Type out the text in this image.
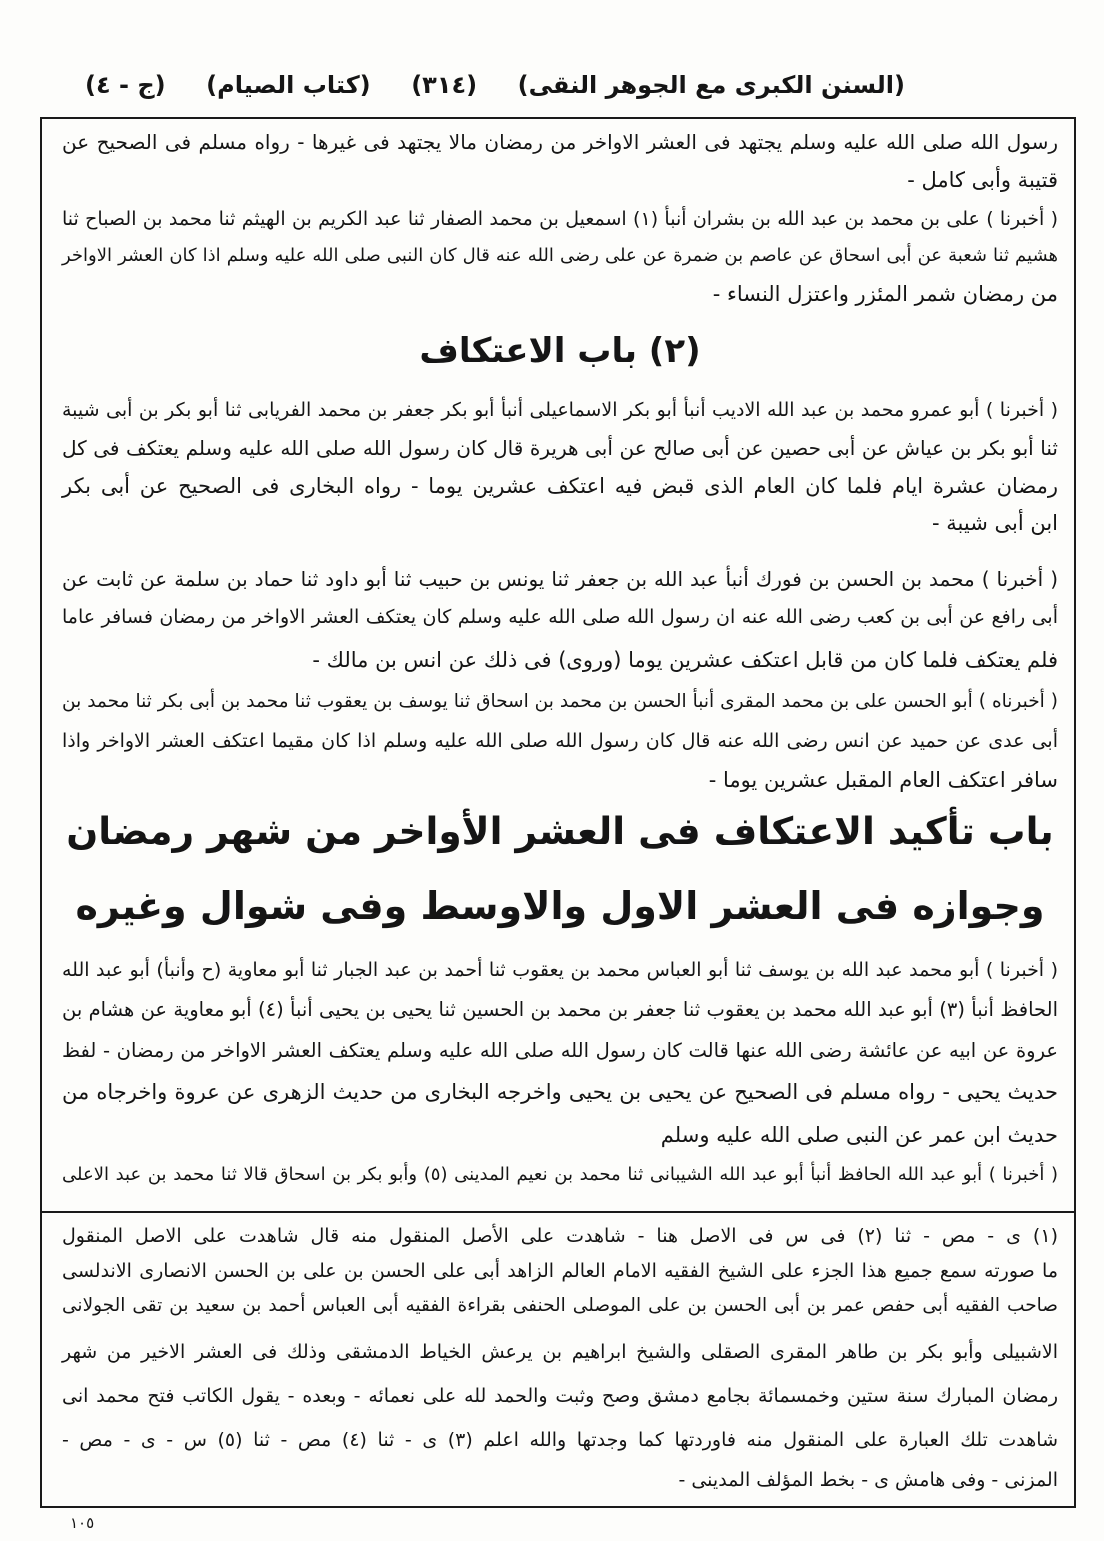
(السنن الكبرى مع الجوهر النقى)
(٣١٤)
(كتاب الصيام)
(ج - ٤)
رسول الله صلى الله عليه وسلم يجتهد فى العشر الاواخر من رمضان مالا يجتهد فى غيرها - رواه مسلم فى الصحيح عن
قتيبة وأبى كامل -
( أخبرنا ) على بن محمد بن عبد الله بن بشران أنبأ (١) اسمعيل بن محمد الصفار ثنا عبد الكريم بن الهيثم ثنا محمد بن الصباح ثنا
هشيم ثنا شعبة عن أبى اسحاق عن عاصم بن ضمرة عن على رضى الله عنه قال كان النبى صلى الله عليه وسلم اذا كان العشر الاواخر
من رمضان شمر المئزر واعتزل النساء -
(٢) باب الاعتكاف
( أخبرنا ) أبو عمرو محمد بن عبد الله الاديب أنبأ أبو بكر الاسماعيلى أنبأ أبو بكر جعفر بن محمد الفريابى ثنا أبو بكر بن أبى شيبة
ثنا أبو بكر بن عياش عن أبى حصين عن أبى صالح عن أبى هريرة قال كان رسول الله صلى الله عليه وسلم يعتكف فى كل
رمضان عشرة ايام فلما كان العام الذى قبض فيه اعتكف عشرين يوما - رواه البخارى فى الصحيح عن أبى بكر
ابن أبى شيبة -
( أخبرنا ) محمد بن الحسن بن فورك أنبأ عبد الله بن جعفر ثنا يونس بن حبيب ثنا أبو داود ثنا حماد بن سلمة عن ثابت عن
أبى رافع عن أبى بن كعب رضى الله عنه ان رسول الله صلى الله عليه وسلم كان يعتكف العشر الاواخر من رمضان فسافر عاما
فلم يعتكف فلما كان من قابل اعتكف عشرين يوما (وروى) فى ذلك عن انس بن مالك -
( أخبرناه ) أبو الحسن على بن محمد المقرى أنبأ الحسن بن محمد بن اسحاق ثنا يوسف بن يعقوب ثنا محمد بن أبى بكر ثنا محمد بن
أبى عدى عن حميد عن انس رضى الله عنه قال كان رسول الله صلى الله عليه وسلم اذا كان مقيما اعتكف العشر الاواخر واذا
سافر اعتكف العام المقبل عشرين يوما -
باب تأكيد الاعتكاف فى العشر الأواخر من شهر رمضان
وجوازه فى العشر الاول والاوسط وفى شوال وغيره
( أخبرنا ) أبو محمد عبد الله بن يوسف ثنا أبو العباس محمد بن يعقوب ثنا أحمد بن عبد الجبار ثنا أبو معاوية (ح وأنبأ) أبو عبد الله
الحافظ أنبأ (٣) أبو عبد الله محمد بن يعقوب ثنا جعفر بن محمد بن الحسين ثنا يحيى بن يحيى أنبأ (٤) أبو معاوية عن هشام بن
عروة عن ابيه عن عائشة رضى الله عنها قالت كان رسول الله صلى الله عليه وسلم يعتكف العشر الاواخر من رمضان - لفظ
حديث يحيى - رواه مسلم فى الصحيح عن يحيى بن يحيى واخرجه البخارى من حديث الزهرى عن عروة واخرجاه من
حديث ابن عمر عن النبى صلى الله عليه وسلم
( أخبرنا ) أبو عبد الله الحافظ أنبأ أبو عبد الله الشيبانى ثنا محمد بن نعيم المدينى (٥) وأبو بكر بن اسحاق قالا ثنا محمد بن عبد الاعلى
(١) ى - مص - ثنا (٢) فى س فى الاصل هنا - شاهدت على الأصل المنقول منه قال شاهدت على الاصل المنقول
ما صورته سمع جميع هذا الجزء على الشيخ الفقيه الامام العالم الزاهد أبى على الحسن بن على بن الحسن الانصارى الاندلسى
صاحب الفقيه أبى حفص عمر بن أبى الحسن بن على الموصلى الحنفى بقراءة الفقيه أبى العباس أحمد بن سعيد بن تقى الجولانى
الاشبيلى وأبو بكر بن طاهر المقرى الصقلى والشيخ ابراهيم بن يرعش الخياط الدمشقى وذلك فى العشر الاخير من شهر
رمضان المبارك سنة ستين وخمسمائة بجامع دمشق وصح وثبت والحمد لله على نعمائه - وبعده - يقول الكاتب فتح محمد انى
شاهدت تلك العبارة على المنقول منه فاوردتها كما وجدتها والله اعلم (٣) ى - ثنا (٤) مص - ثنا (٥) س - ى - مص -
المزنى - وفى هامش ى - بخط المؤلف المدينى -
١٠٥
